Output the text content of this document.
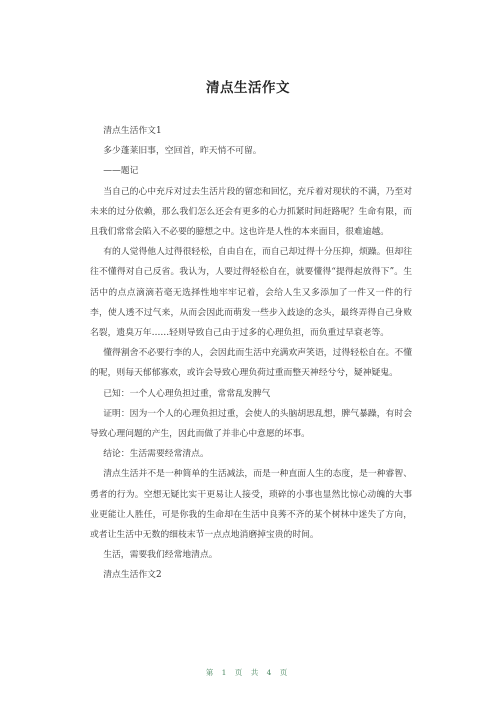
清点生活作文

清点生活作文1

多少蓬莱旧事，空回首，昨天悄不可留。

——题记

当自己的心中充斥对过去生活片段的留恋和回忆，充斥着对现状的不满，乃至对未来的过分依赖，那么我们怎么还会有更多的心力抓紧时间赶路呢？生命有限，而且我们常常会陷入不必要的臆想之中。这也许是人性的本来面目，很难逾越。

有的人觉得他人过得很轻松，自由自在，而自己却过得十分压抑，烦躁。但却往往不懂得对自己反省。我认为，人要过得轻松自在，就要懂得“提得起放得下”。生活中的点点滴滴若毫无选择性地牢牢记着，会给人生又多添加了一件又一件的行李，使人透不过气来，从而会因此而萌发一些步入歧途的念头，最终弄得自己身败名裂，遗臭万年……轻则导致自己由于过多的心理负担，而负重过早衰老等。

懂得割舍不必要行李的人，会因此而生活中充满欢声笑语，过得轻松自在。不懂的呢，则每天郁郁寡欢，或许会导致心理负荷过重而整天神经兮兮，疑神疑鬼。

已知：一个人心理负担过重，常常乱发脾气

证明：因为一个人的心理负担过重，会使人的头脑胡思乱想，脾气暴躁，有时会导致心理问题的产生，因此而做了并非心中意愿的坏事。

结论：生活需要经常清点。

清点生活并不是一种简单的生活减法，而是一种直面人生的态度，是一种睿智、勇者的行为。空想无疑比实干更易让人接受，琐碎的小事也显然比惊心动魄的大事业更能让人胜任，可是你我的生命却在生活中良莠不齐的某个树林中迷失了方向，或者让生活中无数的细枝末节一点点地消磨掉宝贵的时间。

生活，需要我们经常地清点。

清点生活作文2

第 1 页 共 4 页
